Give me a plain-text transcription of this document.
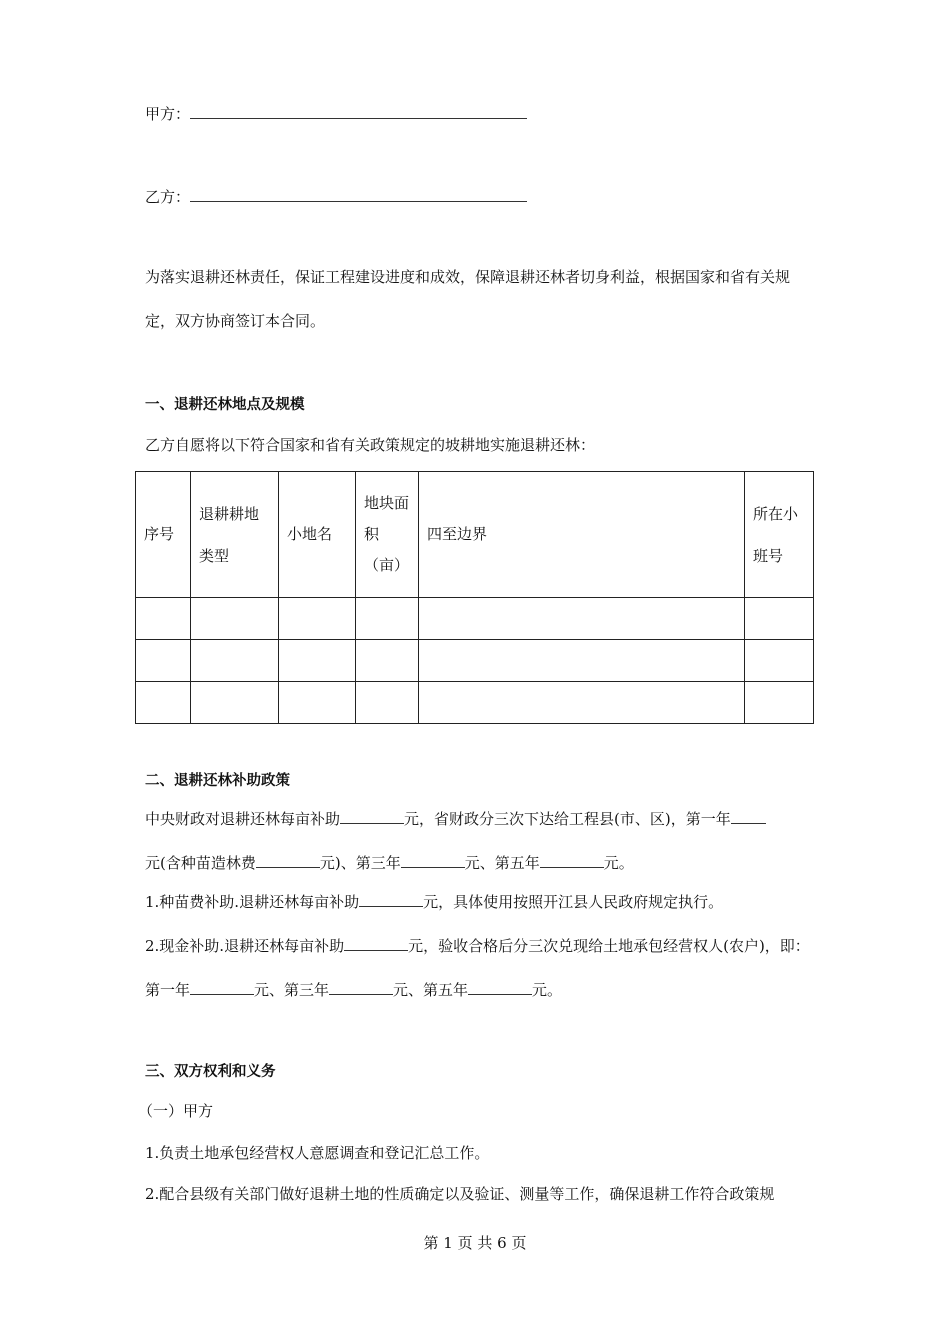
甲方：
乙方：
为落实退耕还林责任，保证工程建设进度和成效，保障退耕还林者切身利益，根据国家和省有关规定，双方协商签订本合同。
一、退耕还林地点及规模
乙方自愿将以下符合国家和省有关政策规定的坡耕地实施退耕还林：
序号	退耕耕地类型	小地名	地块面积（亩）	四至边界	所在小班号

二、退耕还林补助政策
中央财政对退耕还林每亩补助	元，省财政分三次下达给工程县(市、区)，第一年
元(含种苗造林费	元)、第三年	元、第五年	元。
1.种苗费补助.退耕还林每亩补助	元，具体使用按照开江县人民政府规定执行。
2.现金补助.退耕还林每亩补助	元，验收合格后分三次兑现给土地承包经营权人(农户)，即：第一年	元、第三年	元、第五年	元。
三、双方权利和义务
（一）甲方
1.负责土地承包经营权人意愿调查和登记汇总工作。
2.配合县级有关部门做好退耕土地的性质确定以及验证、测量等工作，确保退耕工作符合政策规
第 1 页 共 6 页
